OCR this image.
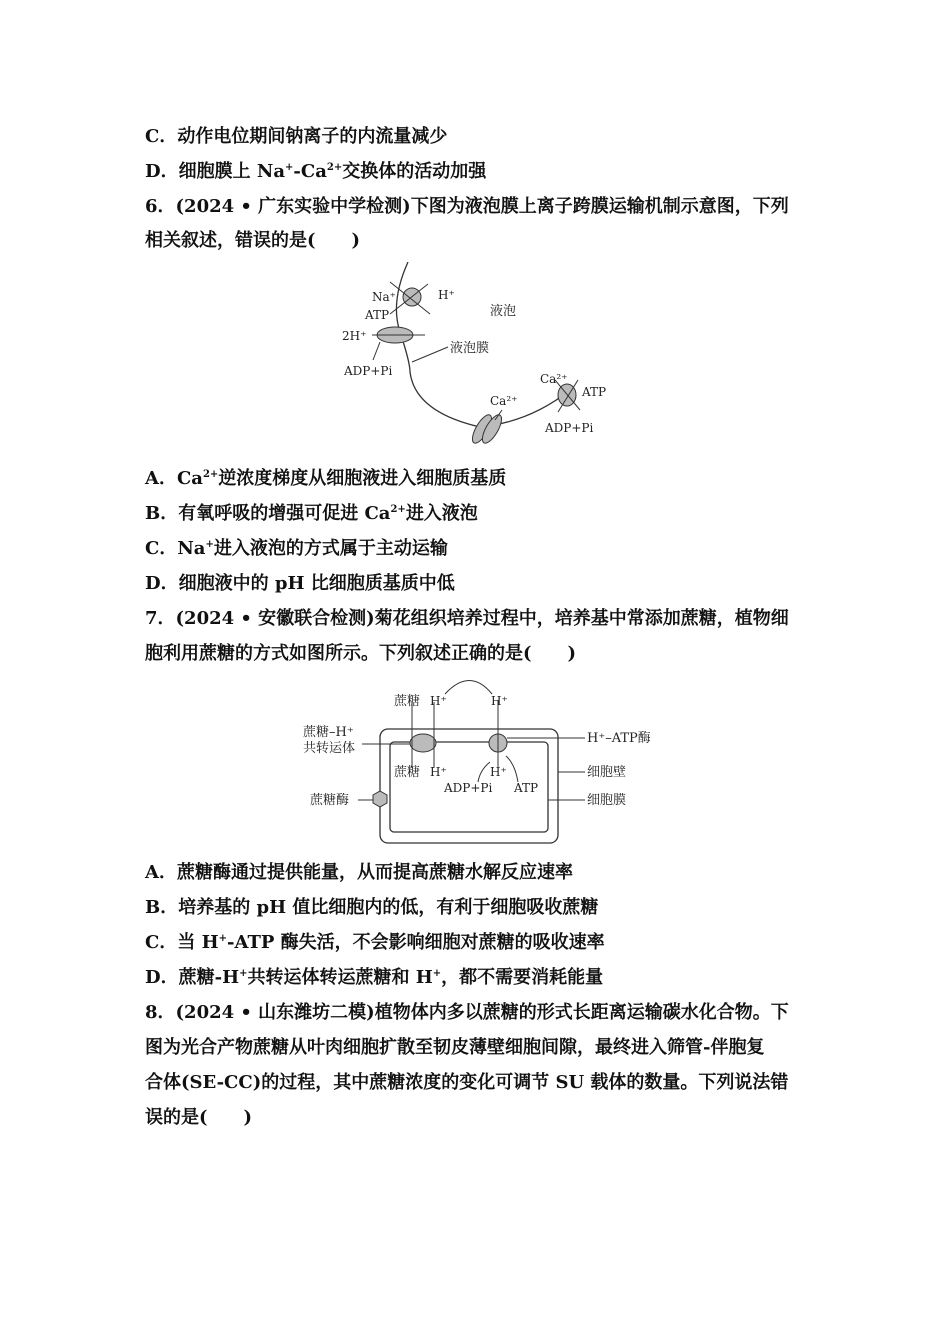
C．动作电位期间钠离子的内流量减少
D．细胞膜上 $Na^+-Ca^{2+}$交换体的活动加强
6．(2024 • 广东实验中学检测)下图为液泡膜上离子跨膜运输机制示意图，下列
相关叙述，错误的是(　　)
Na⁺	H⁺
ATP
2H⁺
ADP+Pi
液泡
液泡膜
Ca²⁺
Ca²⁺
ATP
ADP+Pi
A．$Ca^{2+}$逆浓度梯度从细胞液进入细胞质基质
B．有氧呼吸的增强可促进 $Ca^{2+}$进入液泡
C．Na+进入液泡的方式属于主动运输
D．细胞液中的 pH 比细胞质基质中低
7．(2024 • 安徽联合检测)菊花组织培养过程中，培养基中常添加蔗糖，植物细
胞利用蔗糖的方式如图所示。下列叙述正确的是(　　)
蔗糖 H⁺	H⁺
蔗糖–H⁺
共转运体
蔗糖酶
H⁺–ATP酶
细胞壁
细胞膜
蔗糖 H⁺	H⁺
ADP+Pi ATP
A．蔗糖酶通过提供能量，从而提高蔗糖水解反应速率
B．培养基的 pH 值比细胞内的低，有利于细胞吸收蔗糖
C．当 H+-ATP 酶失活，不会影响细胞对蔗糖的吸收速率
D．蔗糖-H+共转运体转运蔗糖和 H+，都不需要消耗能量
8．(2024 • 山东潍坊二模)植物体内多以蔗糖的形式长距离运输碳水化合物。下
图为光合产物蔗糖从叶肉细胞扩散至韧皮薄壁细胞间隙，最终进入筛管-伴胞复
合体(SE-CC)的过程，其中蔗糖浓度的变化可调节 SU 载体的数量。下列说法错
误的是(　　)
